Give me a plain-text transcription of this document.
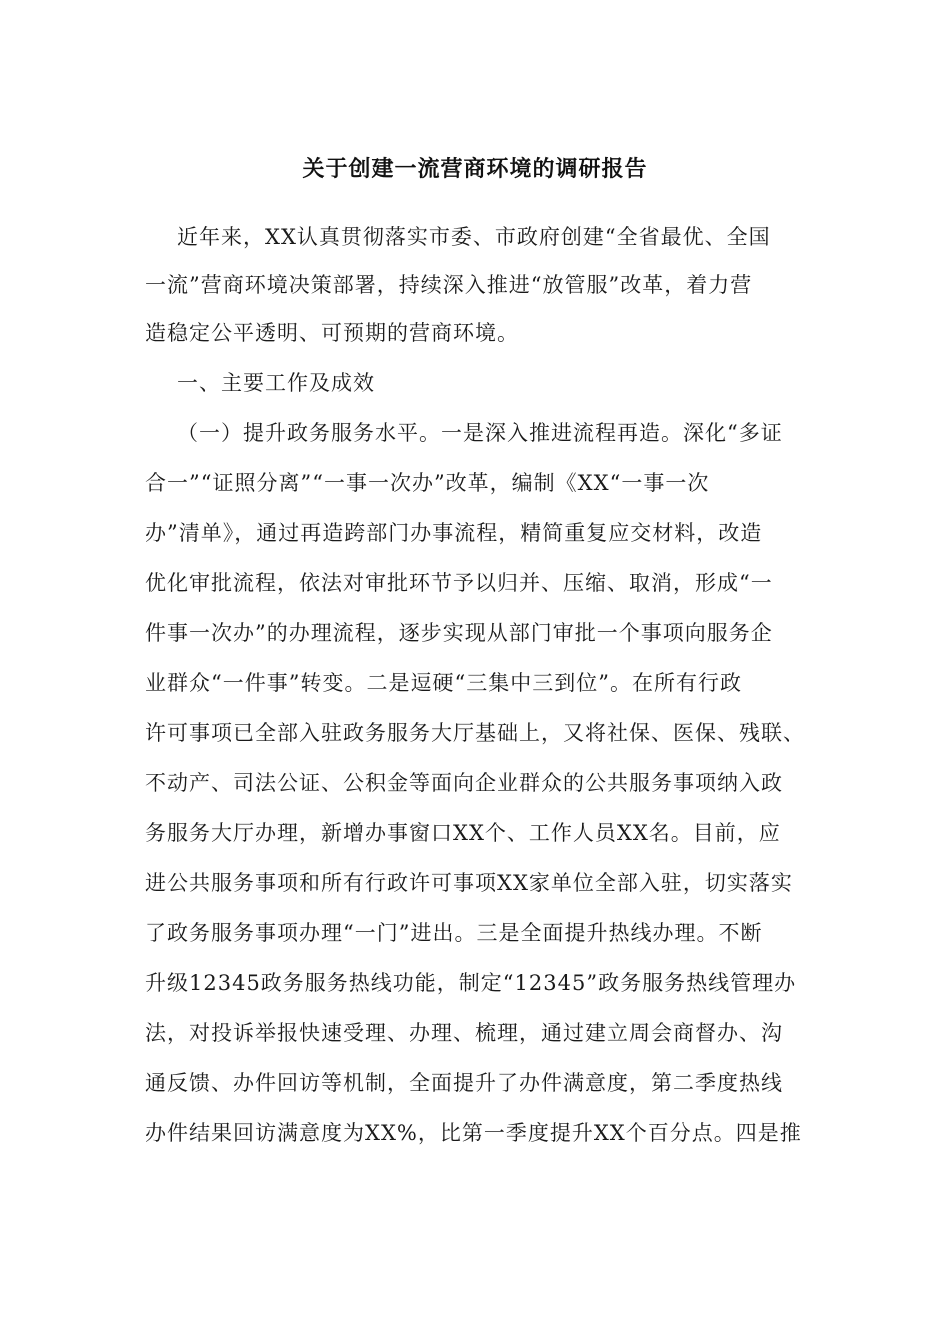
关于创建一流营商环境的调研报告
近年来，XX认真贯彻落实市委、市政府创建“全省最优、全国
一流”营商环境决策部署，持续深入推进“放管服”改革，着力营
造稳定公平透明、可预期的营商环境。
一、主要工作及成效
（一）提升政务服务水平。一是深入推进流程再造。深化“多证
合一”“证照分离”“一事一次办”改革，编制《XX“一事一次
办”清单》，通过再造跨部门办事流程，精简重复应交材料，改造
优化审批流程，依法对审批环节予以归并、压缩、取消，形成“一
件事一次办”的办理流程，逐步实现从部门审批一个事项向服务企
业群众“一件事”转变。二是逗硬“三集中三到位”。在所有行政
许可事项已全部入驻政务服务大厅基础上，又将社保、医保、残联、
不动产、司法公证、公积金等面向企业群众的公共服务事项纳入政
务服务大厅办理，新增办事窗口XX个、工作人员XX名。目前，应
进公共服务事项和所有行政许可事项XX家单位全部入驻，切实落实
了政务服务事项办理“一门”进出。三是全面提升热线办理。不断
升级12345政务服务热线功能，制定“12345”政务服务热线管理办
法，对投诉举报快速受理、办理、梳理，通过建立周会商督办、沟
通反馈、办件回访等机制，全面提升了办件满意度，第二季度热线
办件结果回访满意度为XX%，比第一季度提升XX个百分点。四是推
